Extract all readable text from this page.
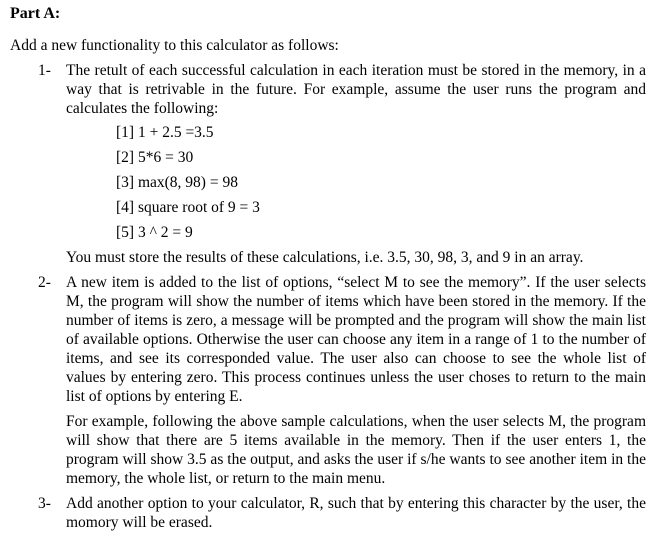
Part A:
Add a new functionality to this calculator as follows:
1- The retult of each successful calculation in each iteration must be stored in the memory, in a way that is retrivable in the future. For example, assume the user runs the program and calculates the following:

[1] 1 + 2.5 =3.5
[2] 5*6 = 30
[3] max(8, 98) = 98
[4] square root of 9 = 3
[5] 3 ^ 2 = 9

You must store the results of these calculations, i.e. 3.5, 30, 98, 3, and 9 in an array.

2- A new item is added to the list of options, “select M to see the memory”. If the user selects M, the program will show the number of items which have been stored in the memory. If the number of items is zero, a message will be prompted and the program will show the main list of available options. Otherwise the user can choose any item in a range of 1 to the number of items, and see its corresponded value. The user also can choose to see the whole list of values by entering zero. This process continues unless the user choses to return to the main list of options by entering E.

For example, following the above sample calculations, when the user selects M, the program will show that there are 5 items available in the memory. Then if the user enters 1, the program will show 3.5 as the output, and asks the user if s/he wants to see another item in the memory, the whole list, or return to the main menu.

3- Add another option to your calculator, R, such that by entering this character by the user, the momory will be erased.
